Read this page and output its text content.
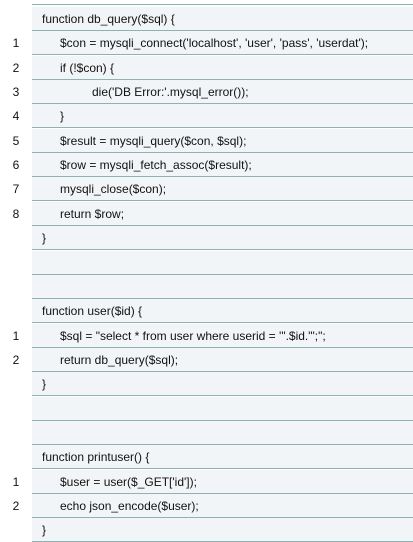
function db_query($sql) {
1	$con = mysqli_connect('localhost', 'user', 'pass', 'userdat');
2	if (!$con) {
3	die('DB Error:'.mysql_error());
4	}
5	$result = mysqli_query($con, $sql);
6	$row = mysqli_fetch_assoc($result);
7	mysqli_close($con);
8	return $row;
}
function user($id) {
1	$sql = "select * from user where userid = '".$id."';";
2	return db_query($sql);
}
function printuser() {
1	$user = user($_GET['id']);
2	echo json_encode($user);
}
